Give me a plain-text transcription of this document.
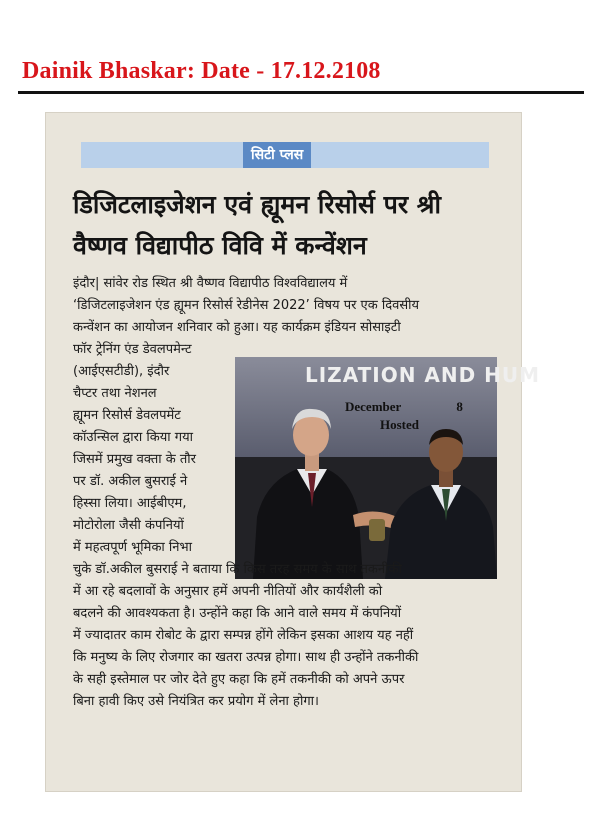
Dainik Bhaskar: Date - 17.12.2108
सिटी प्लस
डिजिटलाइजेशन एवं ह्यूमन रिसोर्स पर श्री
वैष्णव विद्यापीठ विवि में कन्वेंशन
इंदौर| सांवेर रोड स्थित श्री वैष्णव विद्यापीठ विश्वविद्यालय में
‘डिजिटलाइजेशन एंड ह्यूमन रिसोर्स रेडीनेस 2022’ विषय पर एक दिवसीय
कन्वेंशन का आयोजन शनिवार को हुआ। यह कार्यक्रम इंडियन सोसाइटी
फॉर ट्रेनिंग एंड डेवलपमेन्ट
(आईएसटीडी), इंदौर
चैप्टर तथा नेशनल
ह्यूमन रिसोर्स डेवलपमेंट
कॉउन्सिल द्वारा किया गया
जिसमें प्रमुख वक्ता के तौर
पर डॉ. अकील बुसराई ने
हिस्सा लिया। आईबीएम,
मोटोरोला जैसी कंपनियों
में महत्वपूर्ण भूमिका निभा
LIZATION AND HUM
December	8
Hosted
चुके डॉ.अकील बुसराई ने बताया कि किस तरह समय के साथ तकनीकी
में आ रहे बदलावों के अनुसार हमें अपनी नीतियों और कार्यशैली को
बदलने की आवश्यकता है। उन्होंने कहा कि आने वाले समय में कंपनियों
में ज्यादातर काम रोबोट के द्वारा सम्पन्न होंगे लेकिन इसका आशय यह नहीं
कि मनुष्य के लिए रोजगार का खतरा उत्पन्न होगा। साथ ही उन्होंने तकनीकी
के सही इस्तेमाल पर जोर देते हुए कहा कि हमें तकनीकी को अपने ऊपर
बिना हावी किए उसे नियंत्रित कर प्रयोग में लेना होगा।
